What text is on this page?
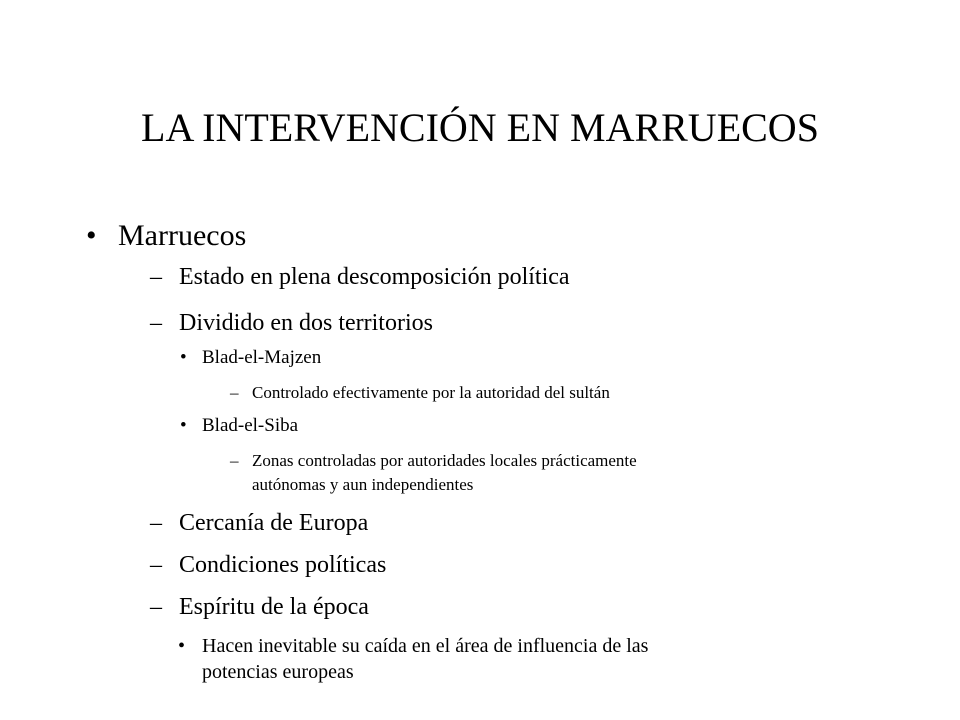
LA INTERVENCIÓN EN MARRUECOS
• Marruecos
– Estado en plena descomposición política
– Dividido en dos territorios
• Blad-el-Majzen
– Controlado efectivamente por la autoridad del sultán
• Blad-el-Siba
– Zonas controladas por autoridades locales prácticamente
autónomas y aun independientes
– Cercanía de Europa
– Condiciones políticas
– Espíritu de la época
• Hacen inevitable su caída en el área de influencia de las
potencias europeas
